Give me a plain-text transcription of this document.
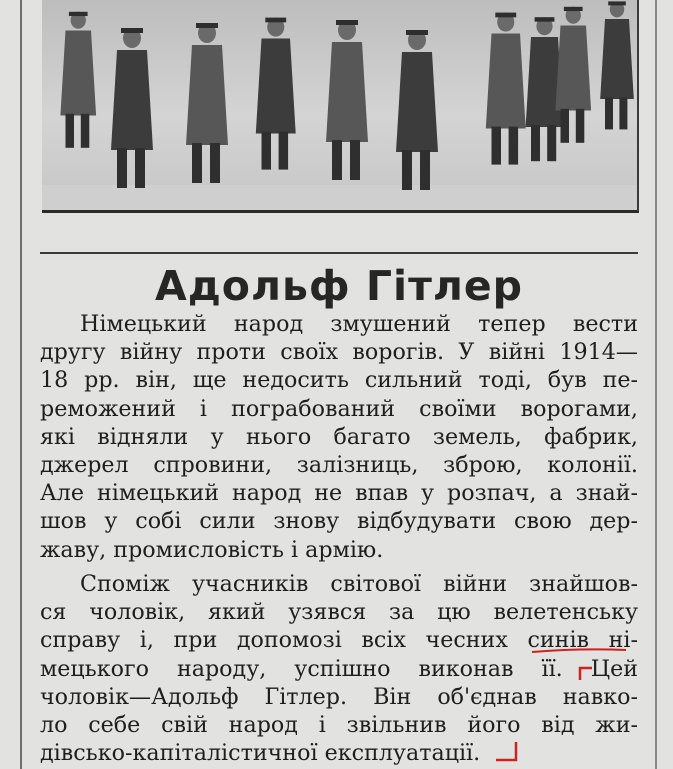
Адольф Гітлер
Німецький народ змушений тепер вести
другу війну проти своїх ворогів. У війні 1914—
18 рр. він, ще недосить сильний тоді, був пе-
реможений і пограбований своїми ворогами,
які відняли у нього багато земель, фабрик,
джерел спровини, залізниць, зброю, колонії.
Але німецький народ не впав у розпач, а знай-
шов у собі сили знову відбудувати свою дер-
жаву, промисловість і армію.
Споміж учасників світової війни знайшов-
ся чоловік, який узявся за цю велетенську
справу і, при допомозі всіх чесних синів ні-
мецького народу, успішно виконав її. Цей
чоловік—Адольф Гітлер. Він об'єднав навко-
ло себе свій народ і звільнив його від жи-
дівсько-капіталістичної експлуатації.
